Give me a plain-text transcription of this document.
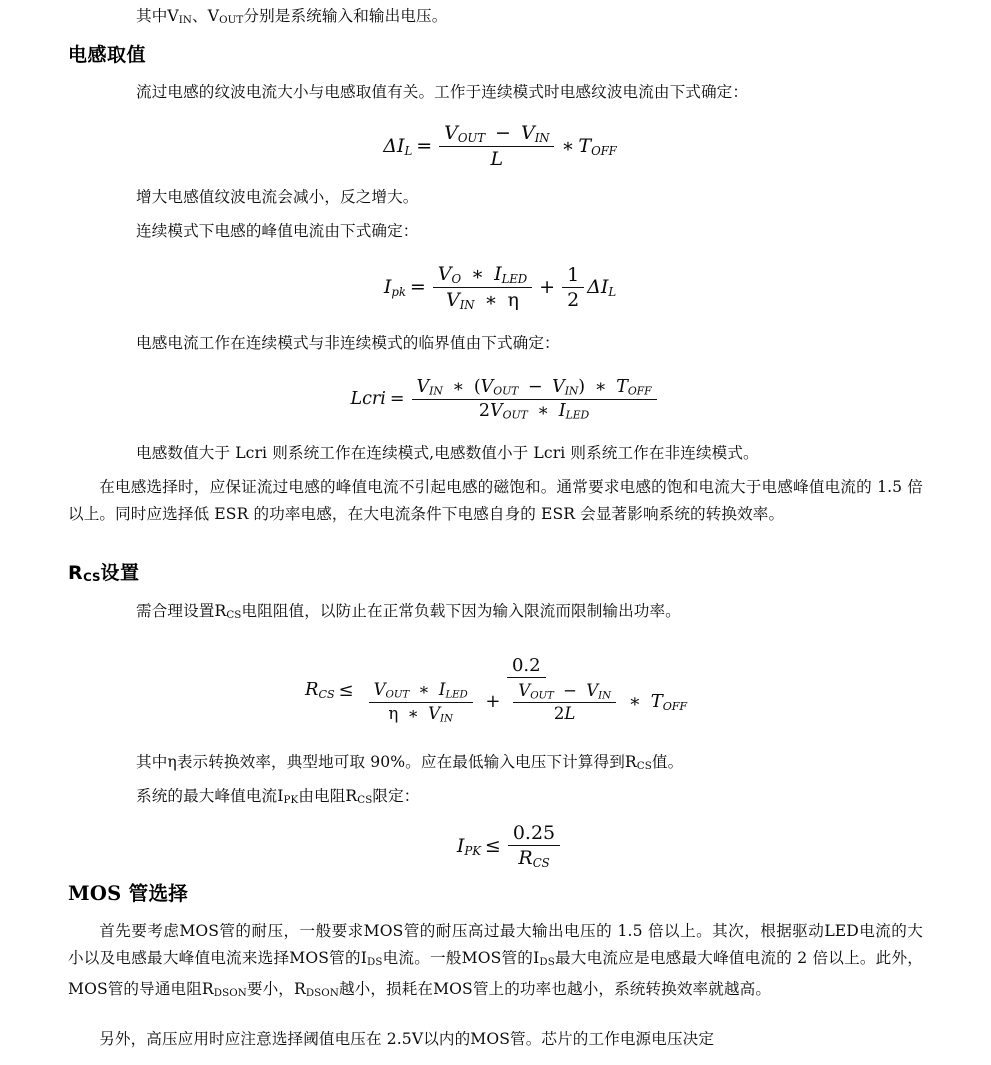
其中$V_{IN}$、$V_{OUT}$分别是系统输入和输出电压。
电感取值
流过电感的纹波电流大小与电感取值有关。工作于连续模式时电感纹波电流由下式确定：
$\Delta I_L = \frac{V_{OUT} - V_{IN}}{L}$ ∗ $T_{OFF}$
增大电感值纹波电流会减小，反之增大。
连续模式下电感的峰值电流由下式确定：
$I_{pk} = \frac{V_O ∗ I_{LED}}{V_{IN} ∗ \eta} + \frac{1}{2} \Delta I_L$
电感电流工作在连续模式与非连续模式的临界值由下式确定：
Lcri = $\frac{V_{IN} ∗ (V_{OUT} - V_{IN}) ∗ T_{OFF}}{2V_{OUT} ∗ I_{LED}}$
电感数值大于 Lcri 则系统工作在连续模式,电感数值小于 Lcri 则系统工作在非连续模式。
在电感选择时，应保证流过电感的峰值电流不引起电感的磁饱和。通常要求电感的饱和电流大于电感峰值电流的 1.5 倍以上。同时应选择低 ESR 的功率电感，在大电流条件下电感自身的 ESR 会显著影响系统的转换效率。
$R_{CS}$设置
需合理设置$R_{CS}$电阻阻值，以防止在正常负载下因为输入限流而限制输出功率。
$R_{CS}$ ≤
0.2
$\frac{V_{OUT} ∗ I_{LED}}{\eta ∗ V_{IN}} + \frac{V_{OUT} - V_{IN}}{2L}$ ∗ $T_{OFF}$
其中η表示转换效率，典型地可取 90%。应在最低输入电压下计算得到$R_{CS}$值。
系统的最大峰值电流$I_{PK}$由电阻$R_{CS}$限定：
$I_{PK} \le \frac{0.25}{R_{CS}}$
MOS 管选择
首先要考虑MOS管的耐压，一般要求MOS管的耐压高过最大输出电压的 1.5 倍以上。其次，根据驱动LED电流的大小以及电感最大峰值电流来选择MOS管的$I_{DS}$电流。一般MOS管的$I_{DS}$最大电流应是电感最大峰值电流的 2 倍以上。此外，MOS管的导通电阻$R_{DSON}$要小，$R_{DSON}$越小，损耗在MOS管上的功率也越小，系统转换效率就越高。
另外，高压应用时应注意选择阈值电压在 2.5V以内的MOS管。芯片的工作电源电压决定
